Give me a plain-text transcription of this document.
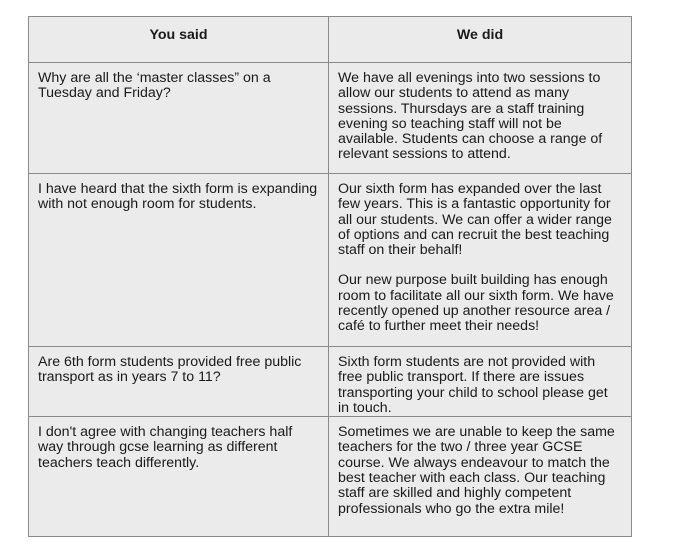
You said	We did
Why are all the ‘master classes” on a Tuesday and Friday?	We have all evenings into two sessions to allow our students to attend as many sessions. Thursdays are a staff training evening so teaching staff will not be available. Students can choose a range of relevant sessions to attend.

I have heard that the sixth form is expanding with not enough room for students.	Our sixth form has expanded over the last few years. This is a fantastic opportunity for all our students. We can offer a wider range of options and can recruit the best teaching staff on their behalf!
Our new purpose built building has enough room to facilitate all our sixth form. We have recently opened up another resource area / café to further meet their needs!

Are 6th form students provided free public transport as in years 7 to 11?	Sixth form students are not provided with free public transport. If there are issues transporting your child to school please get in touch.

I don't agree with changing teachers half way through gcse learning as different teachers teach differently.	Sometimes we are unable to keep the same teachers for the two / three year GCSE course. We always endeavour to match the best teacher with each class. Our teaching staff are skilled and highly competent professionals who go the extra mile!
